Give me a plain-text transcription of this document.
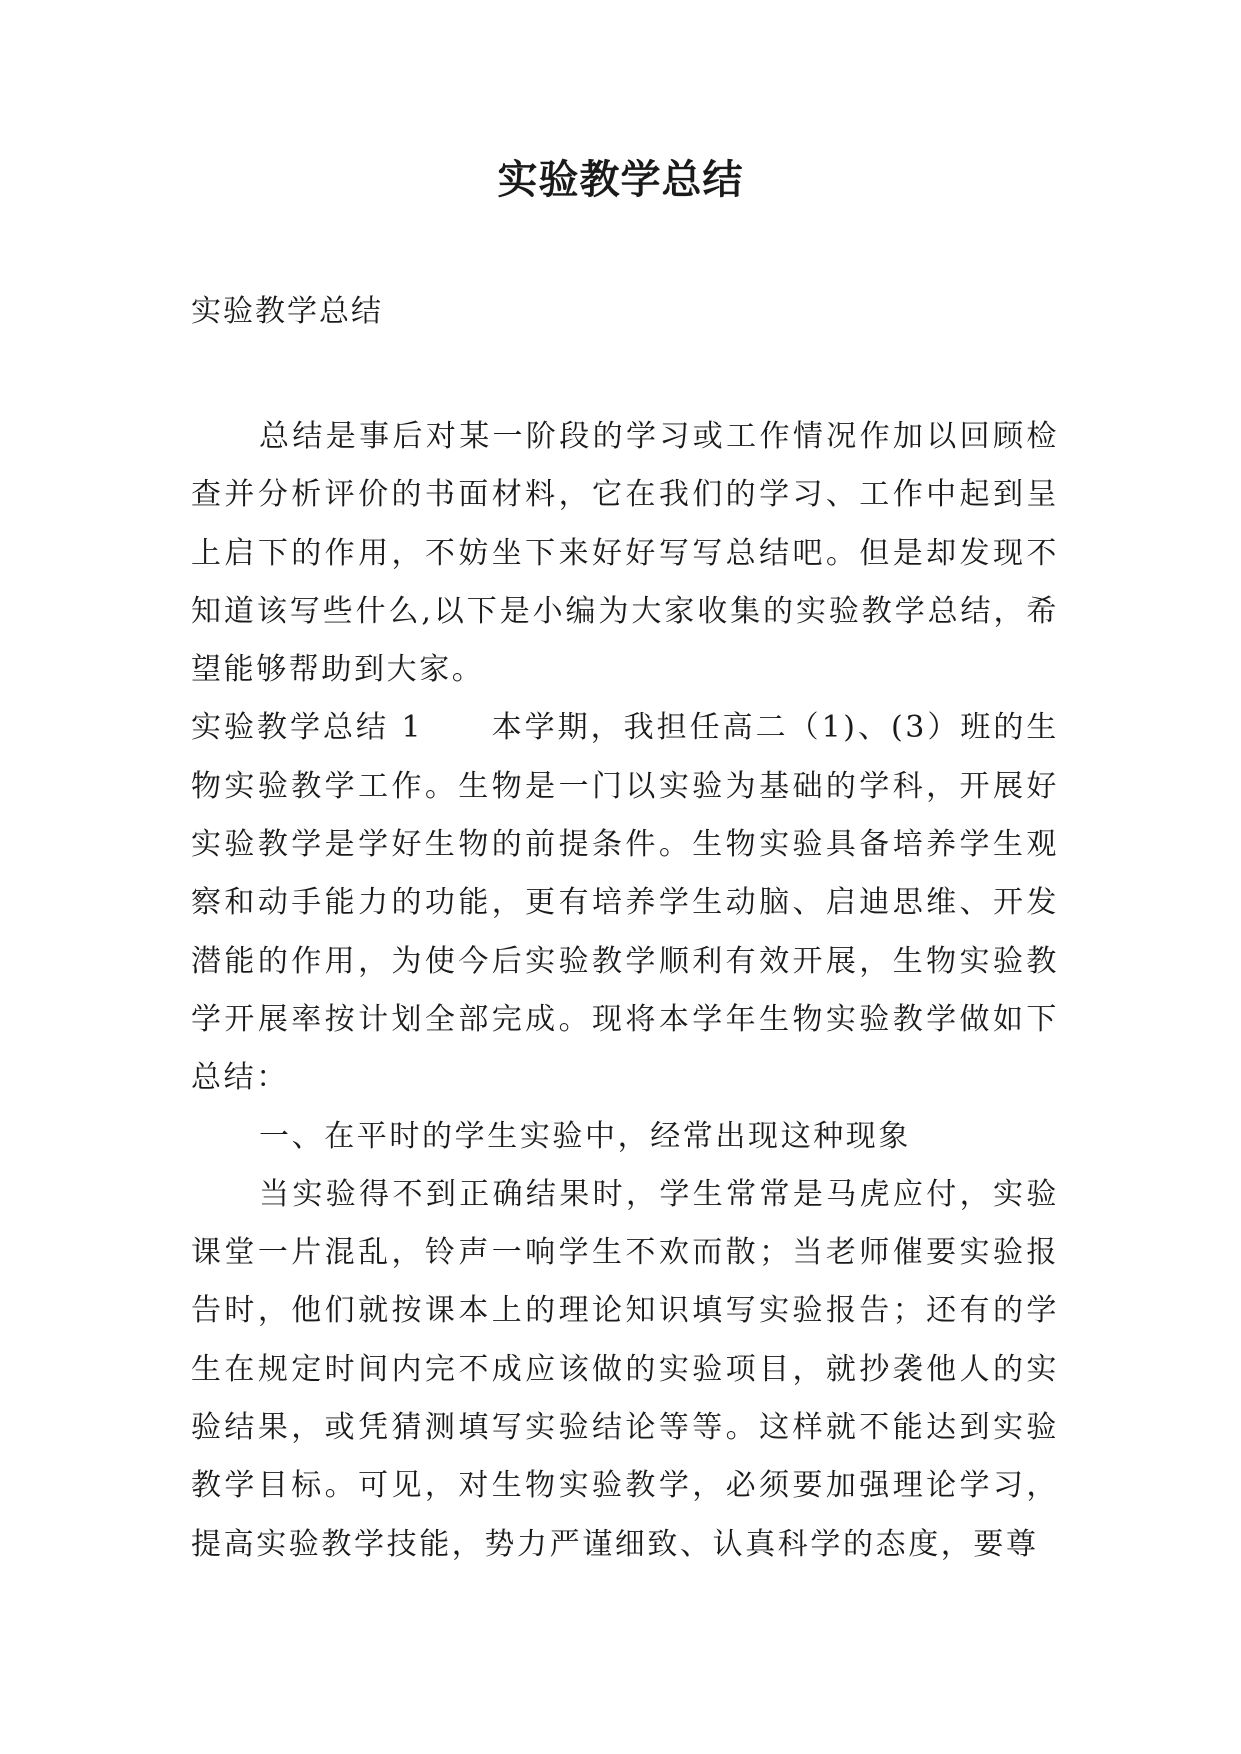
实验教学总结
实验教学总结

总结是事后对某一阶段的学习或工作情况作加以回顾检查并分析评价的书面材料，它在我们的学习、工作中起到呈上启下的作用，不妨坐下来好好写写总结吧。但是却发现不知道该写些什么,以下是小编为大家收集的实验教学总结，希望能够帮助到大家。

实验教学总结 1 本学期，我担任高二（1)、(3）班的生物实验教学工作。生物是一门以实验为基础的学科，开展好实验教学是学好生物的前提条件。生物实验具备培养学生观察和动手能力的功能，更有培养学生动脑、启迪思维、开发潜能的作用，为使今后实验教学顺利有效开展，生物实验教学开展率按计划全部完成。现将本学年生物实验教学做如下总结：

一、在平时的学生实验中，经常出现这种现象

当实验得不到正确结果时，学生常常是马虎应付，实验课堂一片混乱，铃声一响学生不欢而散；当老师催要实验报告时，他们就按课本上的理论知识填写实验报告；还有的学生在规定时间内完不成应该做的实验项目，就抄袭他人的实验结果，或凭猜测填写实验结论等等。这样就不能达到实验教学目标。可见，对生物实验教学，必须要加强理论学习，提高实验教学技能，势力严谨细致、认真科学的态度，要尊
